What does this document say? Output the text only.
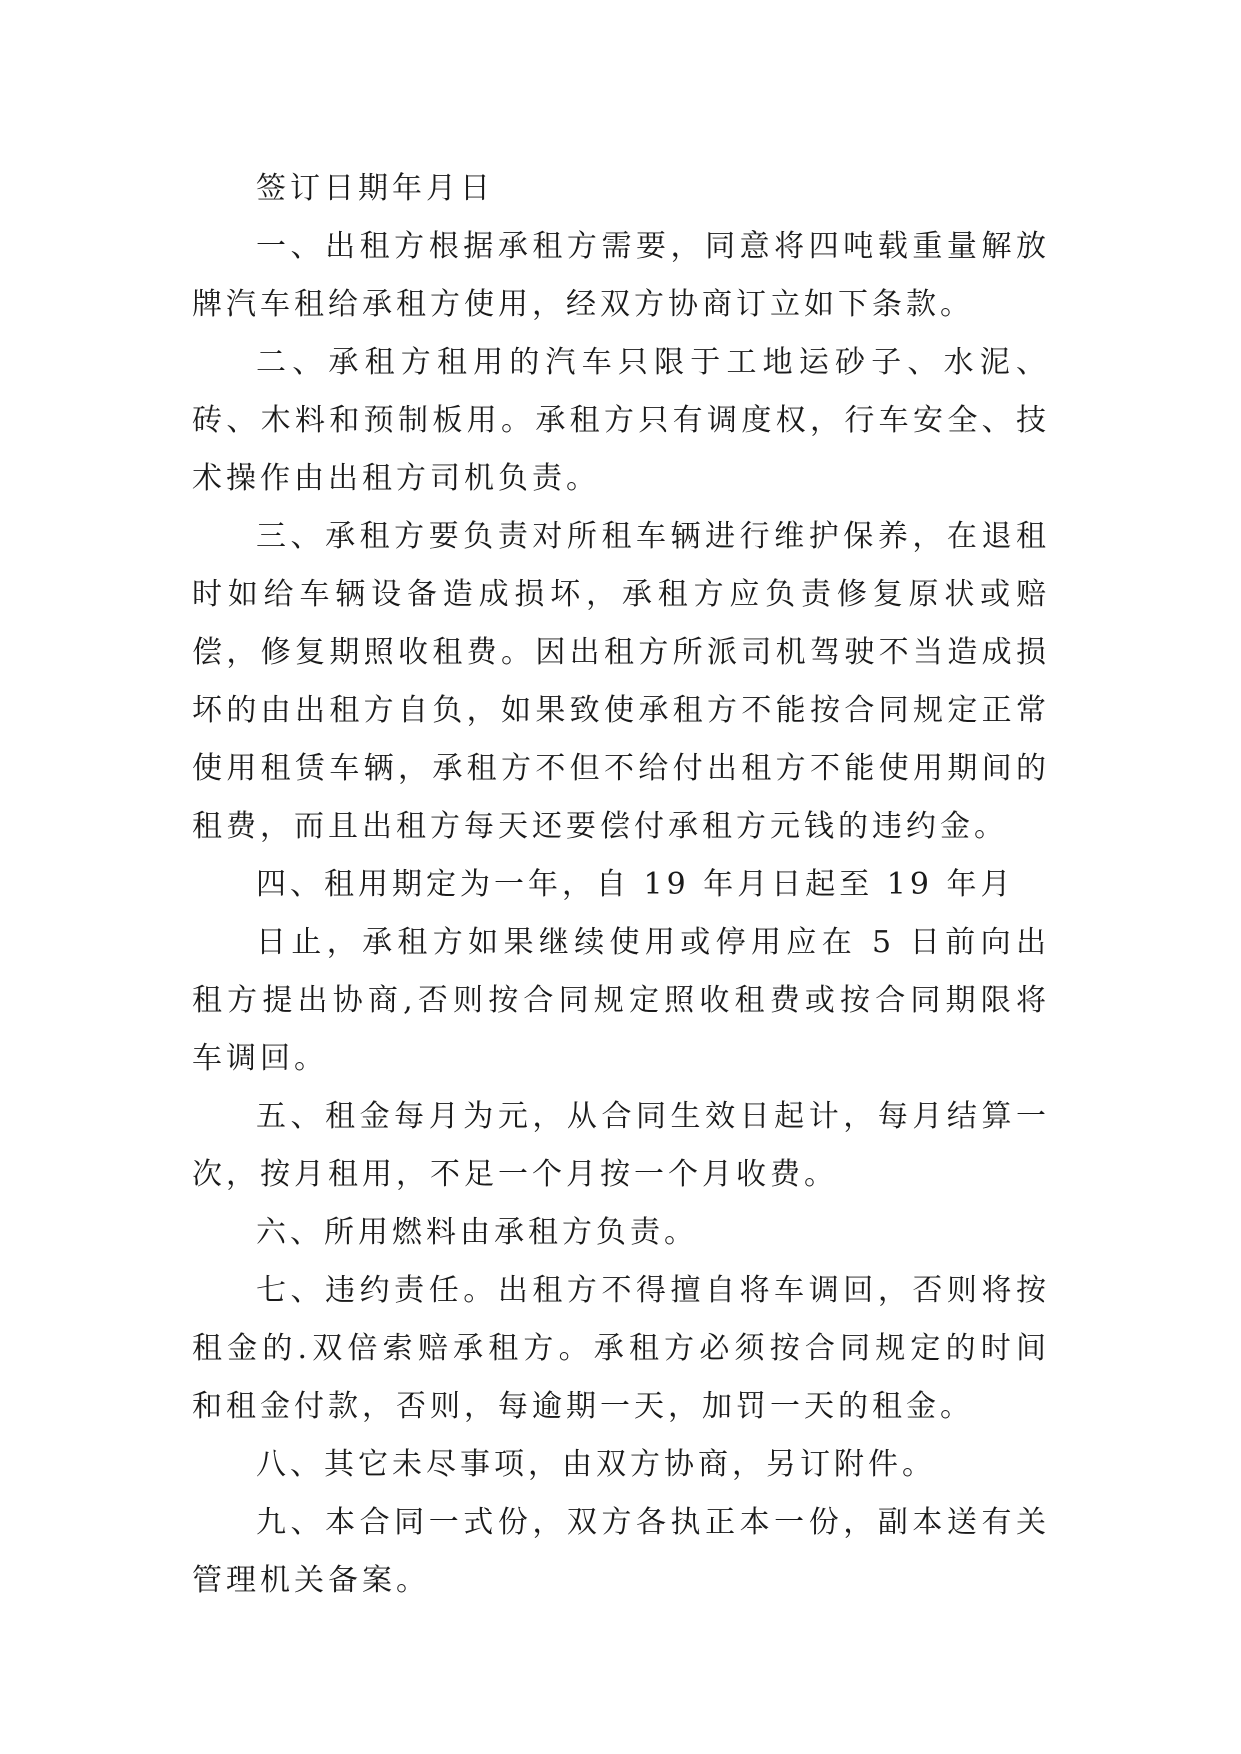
签订日期年月日

一、出租方根据承租方需要，同意将四吨载重量解放牌汽车租给承租方使用，经双方协商订立如下条款。

二、承租方租用的汽车只限于工地运砂子、水泥、砖、木料和预制板用。承租方只有调度权，行车安全、技术操作由出租方司机负责。

三、承租方要负责对所租车辆进行维护保养，在退租时如给车辆设备造成损坏，承租方应负责修复原状或赔偿，修复期照收租费。因出租方所派司机驾驶不当造成损坏的由出租方自负，如果致使承租方不能按合同规定正常使用租赁车辆，承租方不但不给付出租方不能使用期间的租费，而且出租方每天还要偿付承租方元钱的违约金。

四、租用期定为一年，自 19 年月日起至 19 年月

日止，承租方如果继续使用或停用应在 5 日前向出租方提出协商,否则按合同规定照收租费或按合同期限将车调回。

五、租金每月为元，从合同生效日起计，每月结算一次，按月租用，不足一个月按一个月收费。

六、所用燃料由承租方负责。

七、违约责任。出租方不得擅自将车调回，否则将按租金的.双倍索赔承租方。承租方必须按合同规定的时间和租金付款，否则，每逾期一天，加罚一天的租金。

八、其它未尽事项，由双方协商，另订附件。

九、本合同一式份，双方各执正本一份，副本送有关管理机关备案。
